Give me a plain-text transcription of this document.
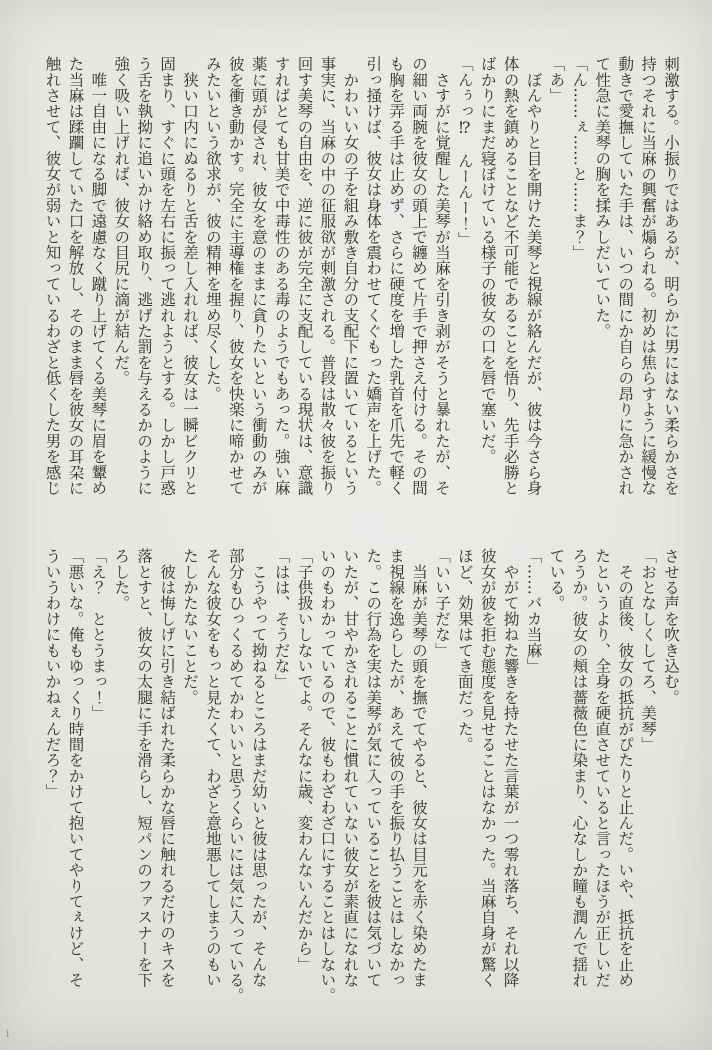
刺激する。小振りではあるが、明らかに男にはない柔らかさを
持つそれに当麻の興奮が煽られる。初めは焦らすように緩慢な
動きで愛撫していた手は、いつの間にか自らの昂りに急かされ
て性急に美琴の胸を揉みしだいていた。
「ん……ぇ……と……ま？」
「あ」
　ぼんやりと目を開けた美琴と視線が絡んだが、彼は今さら身
体の熱を鎮めることなど不可能であることを悟り、先手必勝と
ばかりにまだ寝ぼけている様子の彼女の口を唇で塞いだ。
「んぅっ⁉　んーんー！」
　さすがに覚醒した美琴が当麻を引き剥がそうと暴れたが、そ
の細い両腕を彼女の頭上で纏めて片手で押さえ付ける。その間
も胸を弄る手は止めず、さらに硬度を増した乳首を爪先で軽く
引っ掻けば、彼女は身体を震わせてくぐもった嬌声を上げた。
　かわいい女の子を組み敷き自分の支配下に置いているという
事実に、当麻の中の征服欲が刺激される。普段は散々彼を振り
回す美琴の自由を、逆に彼が完全に支配している現状は、意識
すればとても甘美で中毒性のある毒のようでもあった。強い麻
薬に頭が侵され、彼女を意のままに貪りたいという衝動のみが
彼を衝き動かす。完全に主導権を握り、彼女を快楽に啼かせて
みたいという欲求が、彼の精神を埋め尽くした。
　狭い口内にぬるりと舌を差し入れれば、彼女は一瞬ビクリと
固まり、すぐに頭を左右に振って逃れようとする。しかし戸惑
う舌を執拗に追いかけ絡め取り、逃げた罰を与えるかのように
強く吸い上げれば、彼女の目尻に滴が結んだ。
　唯一自由になる脚で遠慮なく蹴り上げてくる美琴に眉を顰め
た当麻は蹂躙していた口を解放し、そのまま唇を彼女の耳朶に
触れさせて、彼女が弱いと知っているわざと低くした男を感じ
させる声を吹き込む。
「おとなしくしてろ、美琴」
　その直後、彼女の抵抗がぴたりと止んだ。いや、抵抗を止め
たというより、全身を硬直させていると言ったほうが正しいだ
ろうか。彼女の頬は薔薇色に染まり、心なしか瞳も潤んで揺れ
ている。
「……バカ当麻」
　やがて拗ねた響きを持たせた言葉が一つ零れ落ち、それ以降
彼女が彼を拒む態度を見せることはなかった。当麻自身が驚く
ほど、効果はてき面だった。
「いい子だな」
　当麻が美琴の頭を撫でてやると、彼女は目元を赤く染めたま
ま視線を逸らしたが、あえて彼の手を振り払うことはしなかっ
た。この行為を実は美琴が気に入っていることを彼は気づいて
いたが、甘やかされることに慣れていない彼女が素直になれな
いのもわかっているので、彼もわざわざ口にすることはしない。
「子供扱いしないでよ。そんなに歳、変わんないんだから」
「はは、そうだな」
　こうやって拗ねるところはまだ幼いと彼は思ったが、そんな
部分もひっくるめてかわいいと思うくらいには気に入っている。
そんな彼女をもっと見たくて、わざと意地悪してしまうのもい
たしかたないことだ。
　彼は悔しげに引き結ばれた柔らかな唇に触れるだけのキスを
落とすと、彼女の太腿に手を滑らし、短パンのファスナーを下
ろした。
「え？　ととうまっ！」
「悪いな。俺もゆっくり時間をかけて抱いてやりてぇけど、そ
ういうわけにもいかねぇんだろ？」
i
